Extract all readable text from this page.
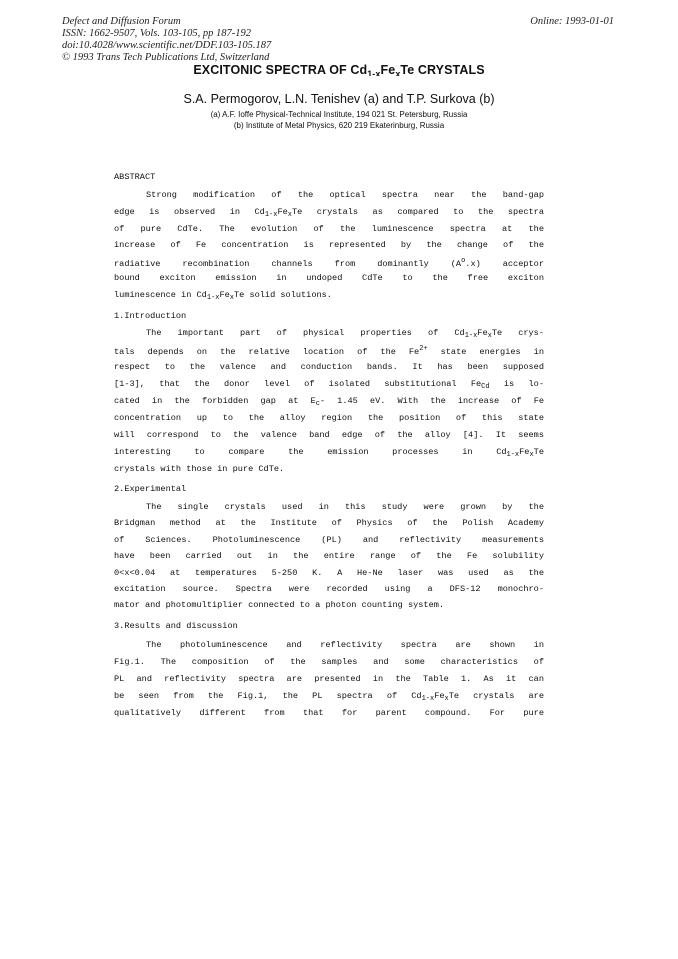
Defect and Diffusion Forum
ISSN: 1662-9507, Vols. 103-105, pp 187-192
doi:10.4028/www.scientific.net/DDF.103-105.187
© 1993 Trans Tech Publications Ltd, Switzerland
Online: 1993-01-01
EXCITONIC SPECTRA OF $Cd_{1-x}Fe_xTe$ CRYSTALS
S.A. Permogorov, L.N. Tenishev (a) and T.P. Surkova (b)
(a) A.F. Ioffe Physical-Technical Institute, 194 021 St. Petersburg, Russia
(b) Institute of Metal Physics, 620 219 Ekaterinburg, Russia
ABSTRACT
Strong modification of the optical spectra near the band-gap
edge is observed in $Cd_{1-x}Fe_xTe$ crystals as compared to the spectra
of pure CdTe. The evolution of the luminescence spectra at the
increase of Fe concentration is represented by the change of the
radiative recombination channels from dominantly $(A^o.x)$ acceptor
bound exciton emission in undoped CdTe to the free exciton
luminescence in $Cd_{1-x}Fe_xTe$ solid solutions.
1.Introduction
The important part of physical properties of $Cd_{1-x}Fe_xTe$ crys-
tals depends on the relative location of the $Fe^{2+}$ state energies in
respect to the valence and conduction bands. It has been supposed
[1-3], that the donor level of isolated substitutional $Fe_{Cd}$ is lo-
cated in the forbidden gap at $E_c-$ 1.45 eV. With the increase of Fe
concentration up to the alloy region the position of this state
will correspond to the valence band edge of the alloy [4]. It seems
interesting to compare the emission processes in $Cd_{1-x}Fe_xTe$
crystals with those in pure CdTe.
2.Experimental
The single crystals used in this study were grown by the
Bridgman method at the Institute of Physics of the Polish Academy
of Sciences. Photoluminescence (PL) and reflectivity measurements
have been carried out in the entire range of the Fe solubility
0<x<0.04 at temperatures 5-250 K. A He-Ne laser was used as the
excitation source. Spectra were recorded using a DFS-12 monochro-
mator and photomultiplier connected to a photon counting system.
3.Results and discussion
The photoluminescence and reflectivity spectra are shown in
Fig.1. The composition of the samples and some characteristics of
PL and reflectivity spectra are presented in the Table 1. As it can
be seen from the Fig.1, the PL spectra of $Cd_{1-x}Fe_xTe$ crystals are
qualitatively different from that for parent compound. For pure
